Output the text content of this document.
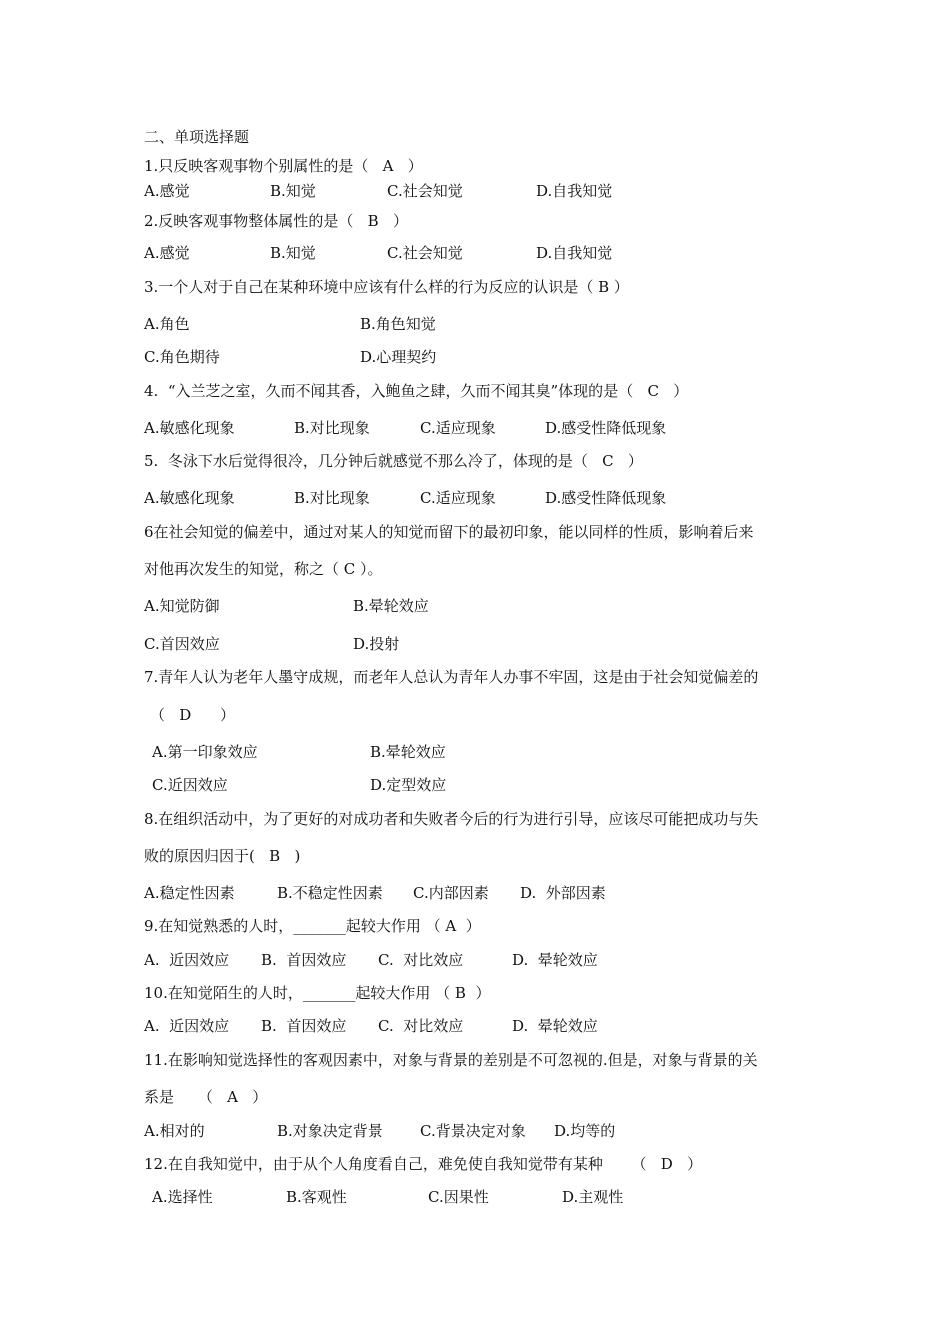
二、单项选择题
1.只反映客观事物个别属性的是（   A   ）
A.感觉	B.知觉	C.社会知觉	D.自我知觉
2.反映客观事物整体属性的是（   B   ）
A.感觉	B.知觉	C.社会知觉	D.自我知觉
3.一个人对于自己在某种环境中应该有什么样的行为反应的认识是（ B ）
A.角色	B.角色知觉
C.角色期待	D.心理契约
4.  “入兰芝之室，久而不闻其香，入鲍鱼之肆，久而不闻其臭”体现的是（   C   ）
A.敏感化现象	B.对比现象	C.适应现象	D.感受性降低现象
5.  冬泳下水后觉得很冷，几分钟后就感觉不那么冷了，体现的是（   C   ）
A.敏感化现象	B.对比现象	C.适应现象	D.感受性降低现象
6在社会知觉的偏差中，通过对某人的知觉而留下的最初印象，能以同样的性质，影响着后来
对他再次发生的知觉，称之（ C ）。
A.知觉防御	B.晕轮效应
C.首因效应	D.投射
7.青年人认为老年人墨守成规，而老年人总认为青年人办事不牢固，这是由于社会知觉偏差的
（   D      ）
A.第一印象效应	B.晕轮效应
C.近因效应	D.定型效应
8.在组织活动中，为了更好的对成功者和失败者今后的行为进行引导，应该尽可能把成功与失
败的原因归因于(   B   )
A.稳定性因素	B.不稳定性因素 C.内部因素 D.  外部因素
9.在知觉熟悉的人时，_______起较大作用 （ A  ）
A.  近因效应 B.  首因效应 C.  对比效应	D.  晕轮效应
10.在知觉陌生的人时，_______起较大作用 （ B  ）
A.  近因效应 B.  首因效应 C.  对比效应	D.  晕轮效应
11.在影响知觉选择性的客观因素中，对象与背景的差别是不可忽视的.但是，对象与背景的关
系是     （   A   ）
A.相对的	B.对象决定背景 C.背景决定对象 D.均等的
12.在自我知觉中，由于从个人角度看自己，难免使自我知觉带有某种      （   D   ）
A.选择性	B.客观性	C.因果性	D.主观性
